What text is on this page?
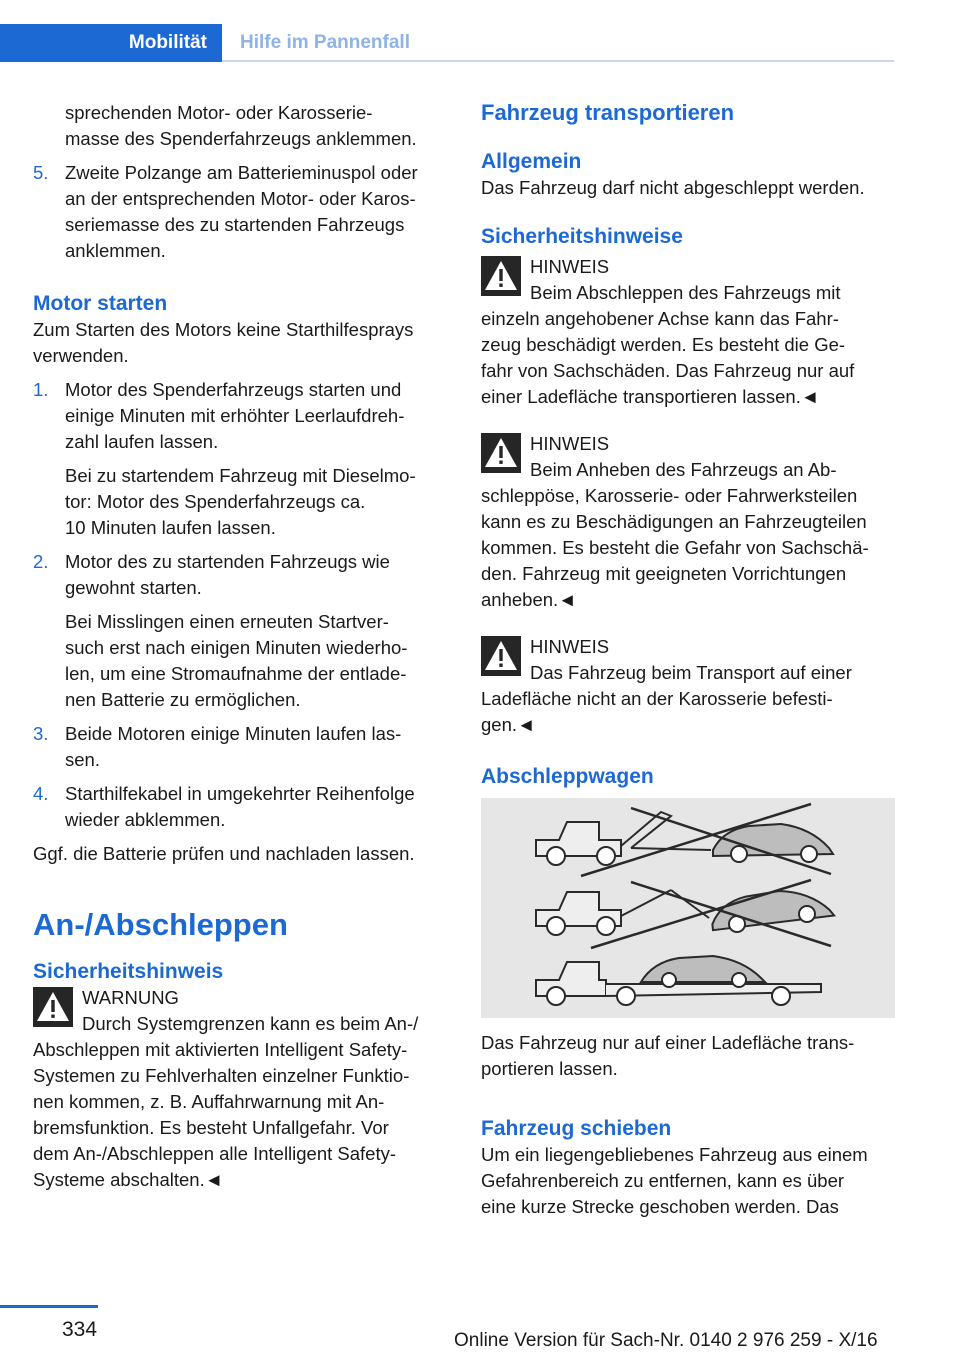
Mobilität Hilfe im Pannenfall

sprechenden Motor- oder Karosserie-

masse des Spenderfahrzeugs anklemmen.

5. Zweite Polzange am Batterieminuspol oder

an der entsprechenden Motor- oder Karos-

seriemasse des zu startenden Fahrzeugs

anklemmen.

Motor starten

Zum Starten des Motors keine Starthilfesprays

verwenden.

1. Motor des Spenderfahrzeugs starten und

einige Minuten mit erhöhter Leerlaufdreh-

zahl laufen lassen.

Bei zu startendem Fahrzeug mit Dieselmo-

tor: Motor des Spenderfahrzeugs ca.

10 Minuten laufen lassen.

2. Motor des zu startenden Fahrzeugs wie

gewohnt starten.

Bei Misslingen einen erneuten Startver-

such erst nach einigen Minuten wiederho-

len, um eine Stromaufnahme der entlade-

nen Batterie zu ermöglichen.

3. Beide Motoren einige Minuten laufen las-

sen.

4. Starthilfekabel in umgekehrter Reihenfolge

wieder abklemmen.

Ggf. die Batterie prüfen und nachladen lassen.

An-/Abschleppen
Sicherheitshinweis
WARNUNG
Durch Systemgrenzen kann es beim An-/

Abschleppen mit aktivierten Intelligent Safety-

Systemen zu Fehlverhalten einzelner Funktio-

nen kommen, z. B. Auffahrwarnung mit An-

bremsfunktion. Es besteht Unfallgefahr. Vor

dem An-/Abschleppen alle Intelligent Safety-

Systeme abschalten.◄

Fahrzeug transportieren
Allgemein

Das Fahrzeug darf nicht abgeschleppt werden.

Sicherheitshinweise
HINWEIS
Beim Abschleppen des Fahrzeugs mit

einzeln angehobener Achse kann das Fahr-

zeug beschädigt werden. Es besteht die Ge-

fahr von Sachschäden. Das Fahrzeug nur auf

einer Ladefläche transportieren lassen.◄

HINWEIS
Beim Anheben des Fahrzeugs an Ab-

schleppöse, Karosserie- oder Fahrwerksteilen

kann es zu Beschädigungen an Fahrzeugteilen

kommen. Es besteht die Gefahr von Sachschä-

den. Fahrzeug mit geeigneten Vorrichtungen

anheben.◄

HINWEIS
Das Fahrzeug beim Transport auf einer

Ladefläche nicht an der Karosserie befesti-

gen.◄

Abschleppwagen

Das Fahrzeug nur auf einer Ladefläche trans-

portieren lassen.

Fahrzeug schieben

Um ein liegengebliebenes Fahrzeug aus einem

Gefahrenbereich zu entfernen, kann es über

eine kurze Strecke geschoben werden. Das

334	Online Version für Sach-Nr. 0140 2 976 259 - X/16
